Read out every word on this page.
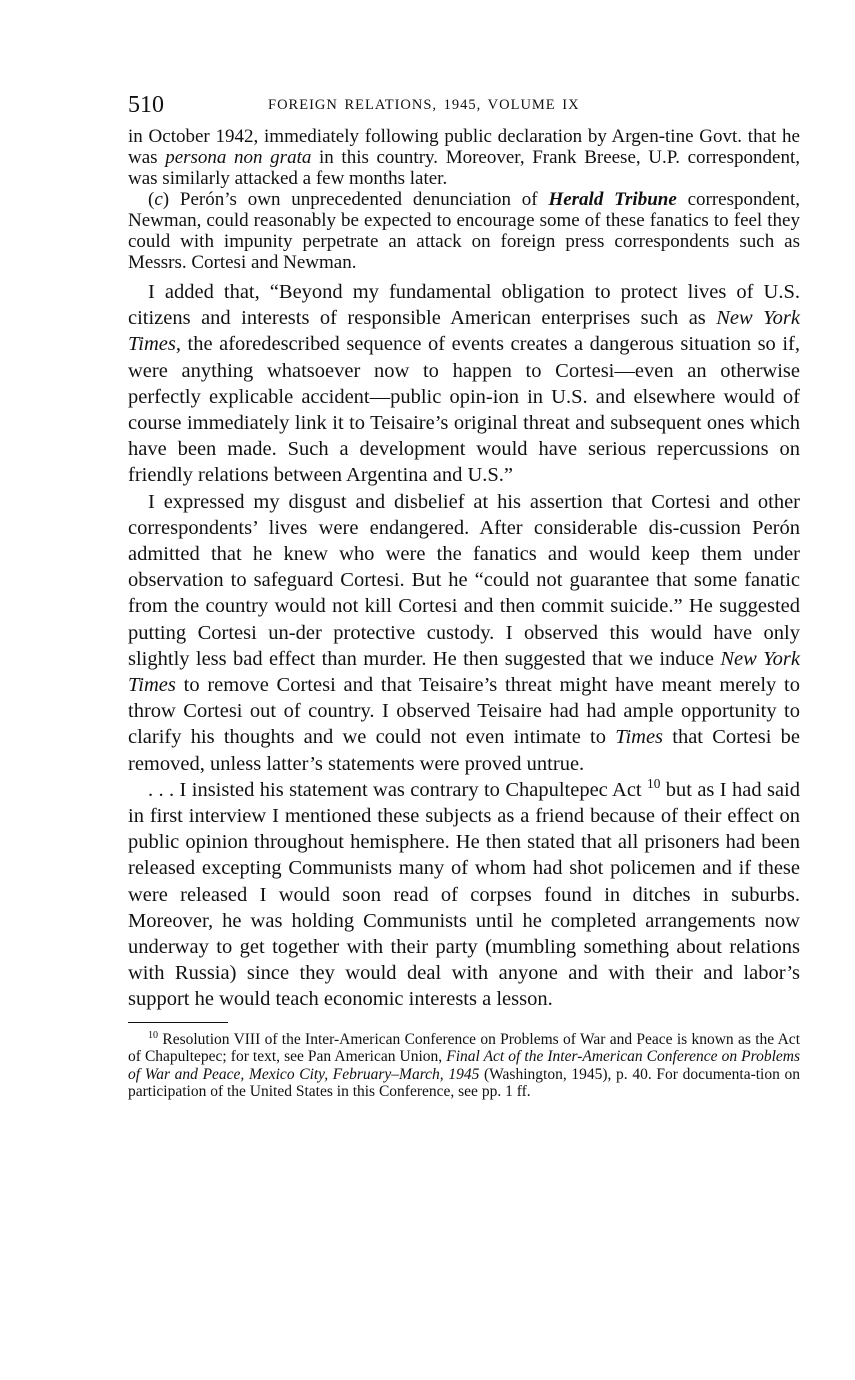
510	FOREIGN RELATIONS, 1945, VOLUME IX

in October 1942, immediately following public declaration by Argen-tine Govt. that he was persona non grata in this country. Moreover, Frank Breese, U.P. correspondent, was similarly attacked a few months later.

(c) Perón’s own unprecedented denunciation of Herald Tribune correspondent, Newman, could reasonably be expected to encourage some of these fanatics to feel they could with impunity perpetrate an attack on foreign press correspondents such as Messrs. Cortesi and Newman.

I added that, “Beyond my fundamental obligation to protect lives of U.S. citizens and interests of responsible American enterprises such as New York Times, the aforedescribed sequence of events creates a dangerous situation so if, were anything whatsoever now to happen to Cortesi—even an otherwise perfectly explicable accident—public opin-ion in U.S. and elsewhere would of course immediately link it to Teisaire’s original threat and subsequent ones which have been made. Such a development would have serious repercussions on friendly relations between Argentina and U.S.”

I expressed my disgust and disbelief at his assertion that Cortesi and other correspondents’ lives were endangered. After considerable dis-cussion Perón admitted that he knew who were the fanatics and would keep them under observation to safeguard Cortesi. But he “could not guarantee that some fanatic from the country would not kill Cortesi and then commit suicide.” He suggested putting Cortesi un-der protective custody. I observed this would have only slightly less bad effect than murder. He then suggested that we induce New York Times to remove Cortesi and that Teisaire’s threat might have meant merely to throw Cortesi out of country. I observed Teisaire had had ample opportunity to clarify his thoughts and we could not even intimate to Times that Cortesi be removed, unless latter’s statements were proved untrue.

. . . I insisted his statement was contrary to Chapultepec Act $^{10}$ but as I had said in first interview I mentioned these subjects as a friend because of their effect on public opinion throughout hemisphere. He then stated that all prisoners had been released excepting Communists many of whom had shot policemen and if these were released I would soon read of corpses found in ditches in suburbs. Moreover, he was holding Communists until he completed arrangements now underway to get together with their party (mumbling something about relations with Russia) since they would deal with anyone and with their and labor’s support he would teach economic interests a lesson.

$^{10}$ Resolution VIII of the Inter-American Conference on Problems of War and Peace is known as the Act of Chapultepec; for text, see Pan American Union, Final Act of the Inter-American Conference on Problems of War and Peace, Mexico City, February–March, 1945 (Washington, 1945), p. 40. For documenta-tion on participation of the United States in this Conference, see pp. 1 ff.
